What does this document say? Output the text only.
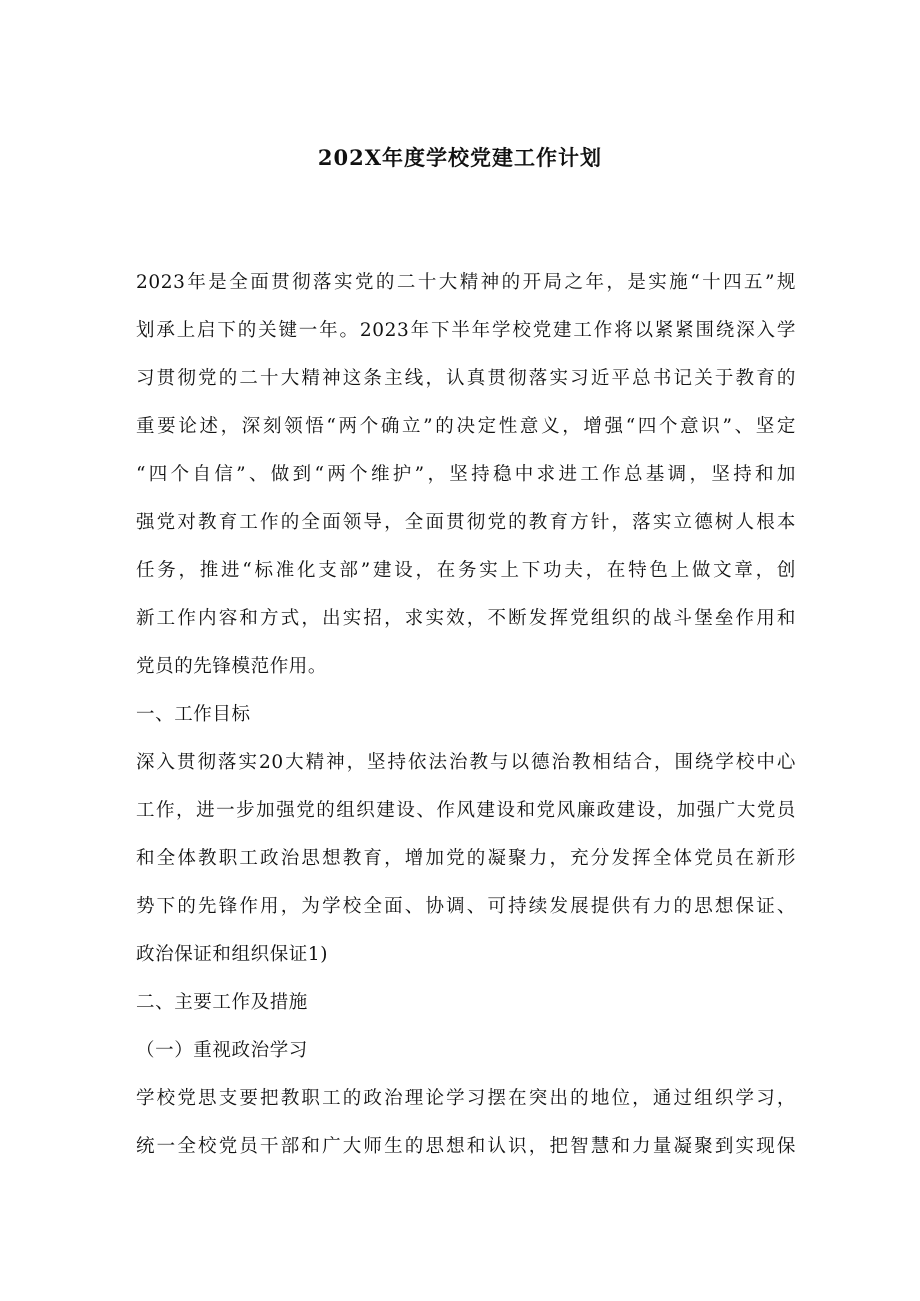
202X年度学校党建工作计划
2023年是全面贯彻落实党的二十大精神的开局之年，是实施“十四五”规
划承上启下的关键一年。2023年下半年学校党建工作将以紧紧围绕深入学
习贯彻党的二十大精神这条主线，认真贯彻落实习近平总书记关于教育的
重要论述，深刻领悟“两个确立”的决定性意义，增强“四个意识”、坚定
“四个自信”、做到“两个维护”，坚持稳中求进工作总基调，坚持和加
强党对教育工作的全面领导，全面贯彻党的教育方针，落实立德树人根本
任务，推进“标准化支部”建设，在务实上下功夫，在特色上做文章，创
新工作内容和方式，出实招，求实效，不断发挥党组织的战斗堡垒作用和
党员的先锋模范作用。
一、工作目标
深入贯彻落实20大精神，坚持依法治教与以德治教相结合，围绕学校中心
工作，进一步加强党的组织建设、作风建设和党风廉政建设，加强广大党员
和全体教职工政治思想教育，增加党的凝聚力，充分发挥全体党员在新形
势下的先锋作用，为学校全面、协调、可持续发展提供有力的思想保证、
政治保证和组织保证1)
二、主要工作及措施
（一）重视政治学习
学校党思支要把教职工的政治理论学习摆在突出的地位，通过组织学习，
统一全校党员干部和广大师生的思想和认识，把智慧和力量凝聚到实现保
